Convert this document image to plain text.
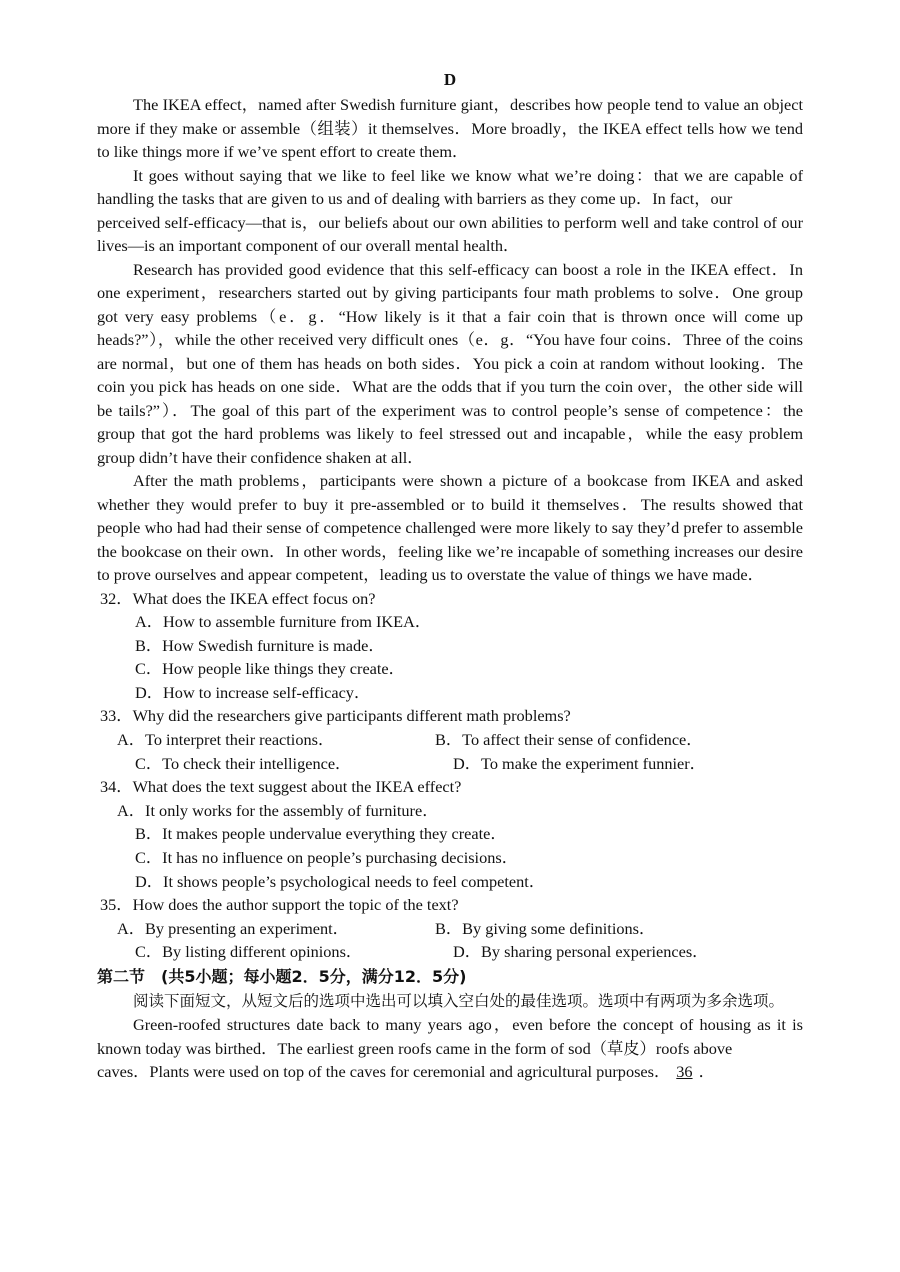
D

The IKEA effect，named after Swedish furniture giant，describes how people tend to value an object more if they make or assemble（组装）it themselves．More broadly，the IKEA effect tells how we tend to like things more if we’ve spent effort to create them．

It goes without saying that we like to feel like we know what we’re doing：that we are capable of handling the tasks that are given to us and of dealing with barriers as they come up．In fact，our

perceived self-efficacy—that is，our beliefs about our own abilities to perform well and take control of our lives—is an important component of our overall mental health．

Research has provided good evidence that this self-efficacy can boost a role in the IKEA effect．In one experiment，researchers started out by giving participants four math problems to solve．One group got very easy problems（e．g．“How likely is it that a fair coin that is thrown once will come up heads?”），while the other received very difficult ones（e．g．“You have four coins．Three of the coins are normal，but one of them has heads on both sides．You pick a coin at random without looking．The coin you pick has heads on one side．What are the odds that if you turn the coin over，the other side will be tails?”）．The goal of this part of the experiment was to control people’s sense of competence：the group that got the hard problems was likely to feel stressed out and incapable，while the easy problem group didn’t have their confidence shaken at all．

After the math problems，participants were shown a picture of a bookcase from IKEA and asked whether they would prefer to buy it pre-assembled or to build it themselves．The results showed that people who had had their sense of competence challenged were more likely to say they’d prefer to assemble the bookcase on their own．In other words，feeling like we’re incapable of something increases our desire to prove ourselves and appear competent，leading us to overstate the value of things we have made．

32．What does the IKEA effect focus on?
A．How to assemble furniture from IKEA．
B．How Swedish furniture is made．
C．How people like things they create．
D．How to increase self-efficacy．
33．Why did the researchers give participants different math problems?
A．To interpret their reactions．	B．To affect their sense of confidence．
C．To check their intelligence．	D．To make the experiment funnier．
34．What does the text suggest about the IKEA effect?
A．It only works for the assembly of furniture．
B．It makes people undervalue everything they create．
C．It has no influence on people’s purchasing decisions．
D．It shows people’s psychological needs to feel competent．
35．How does the author support the topic of the text?
A．By presenting an experiment．	B．By giving some definitions．
C．By listing different opinions．	D．By sharing personal experiences．
第二节　(共5小题；每小题2．5分，满分12．5分)

阅读下面短文，从短文后的选项中选出可以填入空白处的最佳选项。选项中有两项为多余选项。

Green-roofed structures date back to many years ago，even before the concept of housing as it is known today was birthed．The earliest green roofs came in the form of sod（草皮）roofs above

caves．Plants were used on top of the caves for ceremonial and agricultural purposes． 36 ．
